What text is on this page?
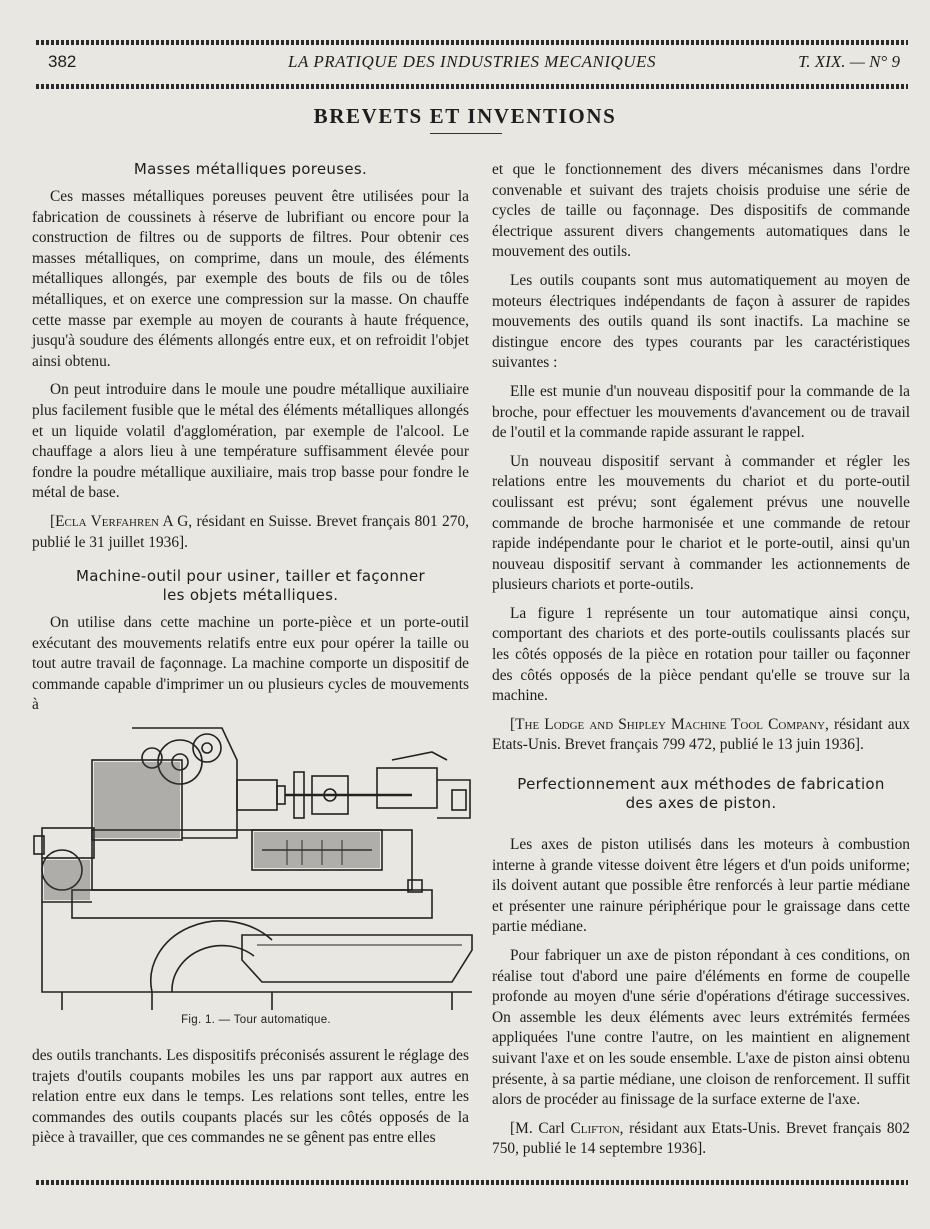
382	LA PRATIQUE DES INDUSTRIES MECANIQUES	T. XIX. — N° 9
BREVETS ET INVENTIONS
Masses métalliques poreuses.

Ces masses métalliques poreuses peuvent être utilisées pour la fabrication de coussinets à réserve de lubrifiant ou encore pour la construction de filtres ou de supports de filtres. Pour obtenir ces masses métalliques, on comprime, dans un moule, des éléments métalliques allongés, par exemple des bouts de fils ou de tôles métalliques, et on exerce une compression sur la masse. On chauffe cette masse par exemple au moyen de courants à haute fréquence, jusqu'à soudure des éléments allongés entre eux, et on refroidit l'objet ainsi obtenu.

On peut introduire dans le moule une poudre métallique auxiliaire plus facilement fusible que le métal des éléments métalliques allongés et un liquide volatil d'agglomération, par exemple de l'alcool. Le chauffage a alors lieu à une température suffisamment élevée pour fondre la poudre métallique auxiliaire, mais trop basse pour fondre le métal de base.

[Ecla Verfahren A G, résidant en Suisse. Brevet français 801 270, publié le 31 juillet 1936].

Machine-outil pour usiner, tailler et façonner
les objets métalliques.

On utilise dans cette machine un porte-pièce et un porte-outil exécutant des mouvements relatifs entre eux pour opérer la taille ou tout autre travail de façonnage. La machine comporte un dispositif de commande capable d'imprimer un ou plusieurs cycles de mouvements à

Fig. 1. — Tour automatique.

des outils tranchants. Les dispositifs préconisés assurent le réglage des trajets d'outils coupants mobiles les uns par rapport aux autres en relation entre eux dans le temps. Les relations sont telles, entre les commandes des outils coupants placés sur les côtés opposés de la pièce à travailler, que ces commandes ne se gênent pas entre elles

et que le fonctionnement des divers mécanismes dans l'ordre convenable et suivant des trajets choisis produise une série de cycles de taille ou façonnage. Des dispositifs de commande électrique assurent divers changements automatiques dans le mouvement des outils.

Les outils coupants sont mus automatiquement au moyen de moteurs électriques indépendants de façon à assurer de rapides mouvements des outils quand ils sont inactifs. La machine se distingue encore des types courants par les caractéristiques suivantes :

Elle est munie d'un nouveau dispositif pour la commande de la broche, pour effectuer les mouvements d'avancement ou de travail de l'outil et la commande rapide assurant le rappel.

Un nouveau dispositif servant à commander et régler les relations entre les mouvements du chariot et du porte-outil coulissant est prévu; sont également prévus une nouvelle commande de broche harmonisée et une commande de retour rapide indépendante pour le chariot et le porte-outil, ainsi qu'un nouveau dispositif servant à commander les actionnements de plusieurs chariots et porte-outils.

La figure 1 représente un tour automatique ainsi conçu, comportant des chariots et des porte-outils coulissants placés sur les côtés opposés de la pièce en rotation pour tailler ou façonner des côtés opposés de la pièce pendant qu'elle se trouve sur la machine.

[The Lodge and Shipley Machine Tool Company, résidant aux Etats-Unis. Brevet français 799 472, publié le 13 juin 1936].

Perfectionnement aux méthodes de fabrication
des axes de piston.

Les axes de piston utilisés dans les moteurs à combustion interne à grande vitesse doivent être légers et d'un poids uniforme; ils doivent autant que possible être renforcés à leur partie médiane et présenter une rainure périphérique pour le graissage dans cette partie médiane.

Pour fabriquer un axe de piston répondant à ces conditions, on réalise tout d'abord une paire d'éléments en forme de coupelle profonde au moyen d'une série d'opérations d'étirage successives. On assemble les deux éléments avec leurs extrémités fermées appliquées l'une contre l'autre, on les maintient en alignement suivant l'axe et on les soude ensemble. L'axe de piston ainsi obtenu présente, à sa partie médiane, une cloison de renforcement. Il suffit alors de procéder au finissage de la surface externe de l'axe.

[M. Carl Clifton, résidant aux Etats-Unis. Brevet français 802 750, publié le 14 septembre 1936].
